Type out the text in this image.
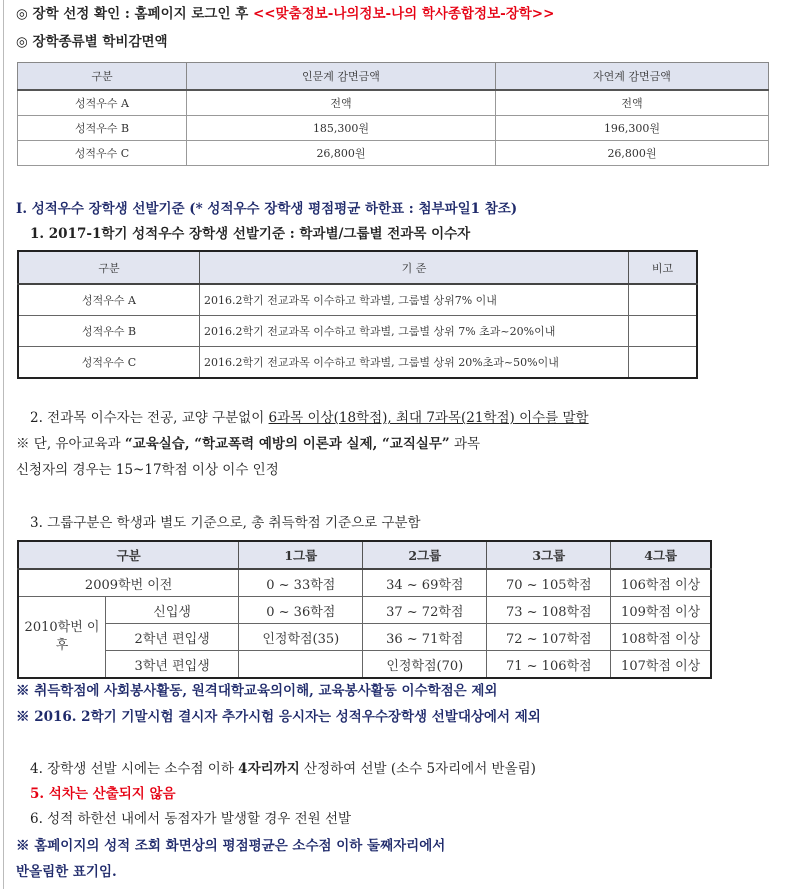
◎ 장학 선정 확인 : 홈페이지 로그인 후 <<맞춤정보-나의정보-나의 학사종합정보-장학>>
◎ 장학종류별 학비감면액
구분	인문계 감면금액	자연계 감면금액
성적우수 A	전액	전액
성적우수 B	185,300원	196,300원
성적우수 C	26,800원	26,800원
Ⅰ. 성적우수 장학생 선발기준 (* 성적우수 장학생 평점평균 하한표 : 첨부파일1 참조)
1. 2017-1학기 성적우수 장학생 선발기준 : 학과별/그룹별 전과목 이수자
구분	기 준	비고
성적우수 A	2016.2학기 전교과목 이수하고 학과별, 그룹별 상위7% 이내	
성적우수 B	2016.2학기 전교과목 이수하고 학과별, 그룹별 상위 7% 초과~20%이내	
성적우수 C	2016.2학기 전교과목 이수하고 학과별, 그룹별 상위 20%초과~50%이내	
2. 전과목 이수자는 전공, 교양 구분없이 6과목 이상(18학점), 최대 7과목(21학점) 이수를 말함
※ 단, 유아교육과 “교육실습, “학교폭력 예방의 이론과 실제, “교직실무” 과목
신청자의 경우는 15~17학점 이상 이수 인정
3. 그룹구분은 학생과 별도 기준으로, 총 취득학점 기준으로 구분함
구분		1그룹	2그룹	3그룹	4그룹
2009학번 이전		0 ~ 33학점	34 ~ 69학점	70 ~ 105학점	106학점 이상
2010학번 이후	신입생	0 ~ 36학점	37 ~ 72학점	73 ~ 108학점	109학점 이상
	2학년 편입생	인정학점(35)	36 ~ 71학점	72 ~ 107학점	108학점 이상
	3학년 편입생		인정학점(70)	71 ~ 106학점	107학점 이상
※ 취득학점에 사회봉사활동, 원격대학교육의이해, 교육봉사활동 이수학점은 제외
※ 2016. 2학기 기말시험 결시자 추가시험 응시자는 성적우수장학생 선발대상에서 제외
4. 장학생 선발 시에는 소수점 이하 4자리까지 산정하여 선발 (소수 5자리에서 반올림)
5. 석차는 산출되지 않음
6. 성적 하한선 내에서 동점자가 발생할 경우 전원 선발
※ 홈페이지의 성적 조회 화면상의 평점평균은 소수점 이하 둘째자리에서
반올림한 표기임.
